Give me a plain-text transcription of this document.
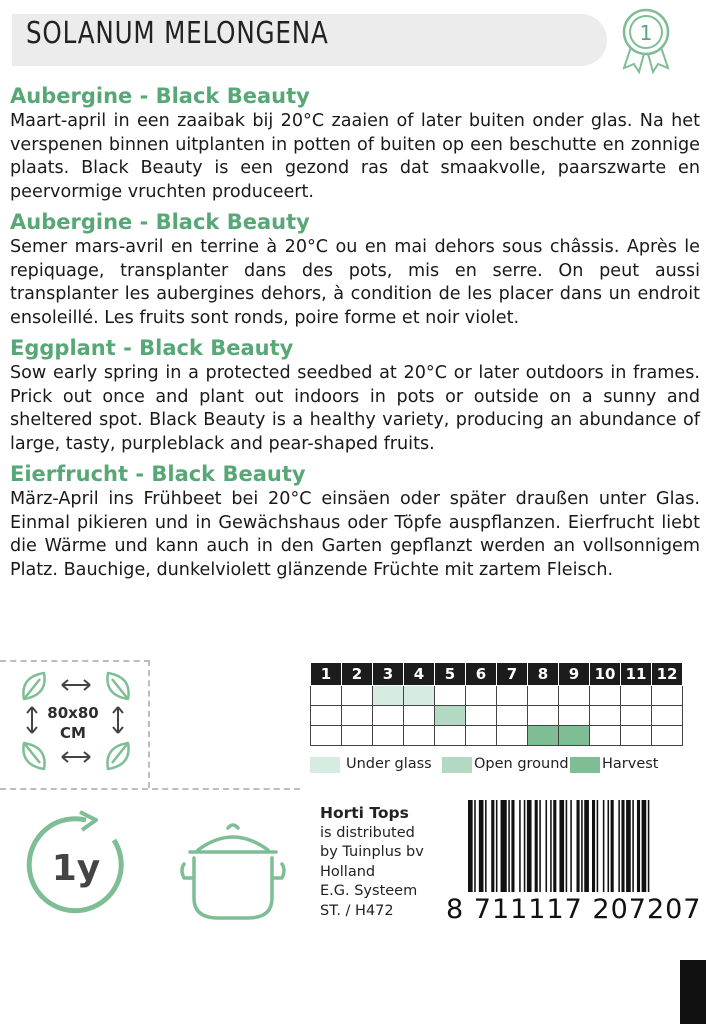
SOLANUM MELONGENA	1
Aubergine - Black Beauty
Maart-april in een zaaibak bij 20°C zaaien of later buiten onder glas. Na het verspenen binnen uitplanten in potten of buiten op een beschutte en zonnige plaats. Black Beauty is een gezond ras dat smaakvolle, paarszwarte en peervormige vruchten produceert.
Aubergine - Black Beauty
Semer mars-avril en terrine à 20°C ou en mai dehors sous châssis. Après le repiquage, transplanter dans des pots, mis en serre. On peut aussi transplanter les aubergines dehors, à condition de les placer dans un endroit ensoleillé. Les fruits sont ronds, poire forme et noir violet.
Eggplant - Black Beauty
Sow early spring in a protected seedbed at 20°C or later outdoors in frames. Prick out once and plant out indoors in pots or outside on a sunny and sheltered spot. Black Beauty is a healthy variety, producing an abundance of large, tasty, purpleblack and pear-shaped fruits.
Eierfrucht - Black Beauty
März-April ins Frühbeet bei 20°C einsäen oder später draußen unter Glas. Einmal pikieren und in Gewächshaus oder Töpfe auspflanzen. Eierfrucht liebt die Wärme und kann auch in den Garten gepflanzt werden an vollsonnigem Platz. Bauchige, dunkelviolett glänzende Früchte mit zartem Fleisch.
80x80
CM
1y
1	2	3	4	5	6	7	8	9	10	11	12

Under glass	Open ground Harvest
Horti Tops
is distributed
by Tuinplus bv
Holland
E.G. Systeem
ST. / H472	8 711117 207207
